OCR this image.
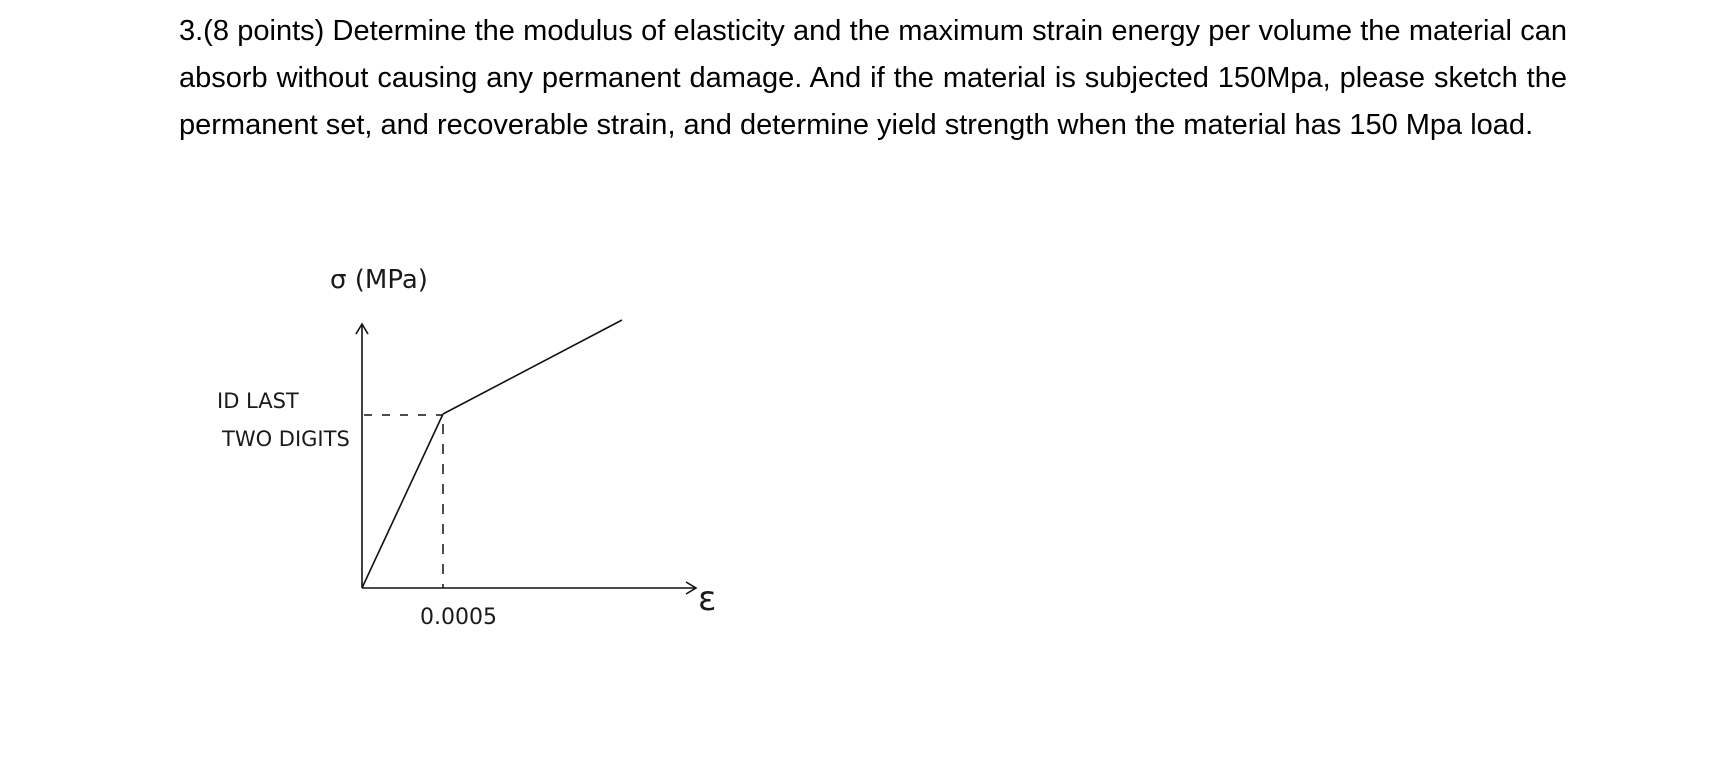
3.(8 points) Determine the modulus of elasticity and the maximum strain energy per volume the material can absorb without causing any permanent damage. And if the material is subjected 150Mpa, please sketch the permanent set, and recoverable strain, and determine yield strength when the material has 150 Mpa load.

σ (MPa)
ID LAST
TWO DIGITS
0.0005	ε
